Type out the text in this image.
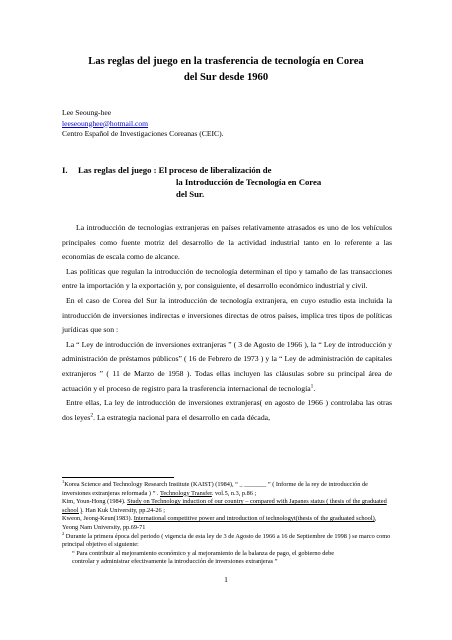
Las reglas del juego en la trasferencia de tecnología en Corea
del Sur desde 1960
Lee Seoung-hee
leeseounghee@hotmail.com
Centro Español de Investigaciones Coreanas (CEIC).
I. Las reglas del juego : El proceso de liberalización de
la Introducción de Tecnología en Corea
del Sur.

La introducción de tecnologías extranjeras en países relativamente atrasados es uno de los vehículos principales como fuente motriz del desarrollo de la actividad industrial tanto en lo referente a las economías de escala como de alcance.

Las políticas que regulan la introducción de tecnología determinan el tipo y tamaño de las transacciones entre la importación y la exportación y, por consiguiente, el desarrollo económico industrial y civil.

En el caso de Corea del Sur la introducción de tecnología extranjera, en cuyo estudio esta incluida la introducción de inversiones indirectas e inversiones directas de otros países, implica tres tipos de políticas jurídicas que son :

La “ Ley de introducción de inversiones extranjeras ” ( 3 de Agosto de 1966 ), la “ Ley de introducción y administración de préstamos públicos” ( 16 de Febrero de 1973 ) y la “ Ley de administración de capitales extranjeros ” ( 11 de Marzo de 1958 ). Todas ellas incluyen las cláusulas sobre su principal área de actuación y el proceso de registro para la trasferencia internacional de tecnología$^1$.

Entre ellas, La ley de introducción de inversiones extranjeras( en agosto de 1966 ) controlaba las otras dos leyes$^2$. La estrategia nacional para el desarrollo en cada década,

$^1$Korea Science and Technology Research Institute (KAIST) (1984), “ _ _______ ” ( Informe de la rey de introducción de inversiones extranjeras reformada ) ” . Technology Transfer. vol.5, n.3, p.86 ;

Kim, Youn-Hong (1984). Study on Technology induction of our country – compared with Japanes status ( thesis of the graduated school ). Han Kuk University, pp.24-26 ;

Kweon, Jeong-Keun(1983). International competitive power and introduction of technologyt(thesis of the graduated school), Yeong Nam University, pp.69-71

$^2$ Durante la primera época del periodo ( vigencia de esta ley de 3 de Agosto de 1966 a 16 de Septiembre de 1998 ) se marco como principal objetivo el siguiente:

“ Para contribuir al mejoramiento económico y al mejoramiento de la balanza de pago, el gobierno debe

controlar y administrar efectivamente la introducción de inversiones extranjeras ”

1
